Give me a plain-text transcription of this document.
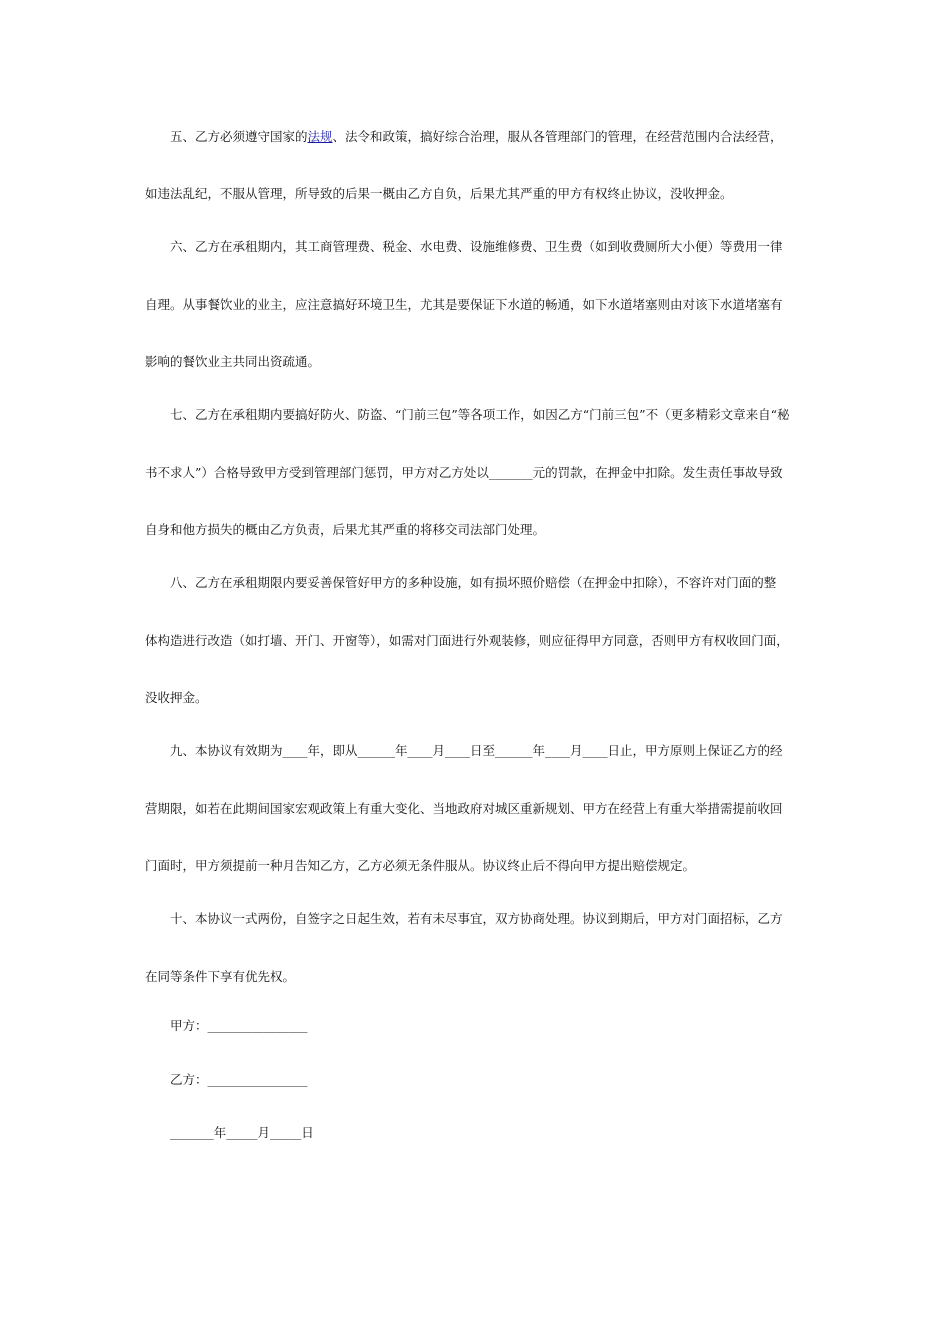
五、乙方必须遵守国家的法规、法令和政策，搞好综合治理，服从各管理部门的管理，在经营范围内合法经营，
如违法乱纪，不服从管理，所导致的后果一概由乙方自负，后果尤其严重的甲方有权终止协议，没收押金。
六、乙方在承租期内，其工商管理费、税金、水电费、设施维修费、卫生费（如到收费厕所大小便）等费用一律
自理。从事餐饮业的业主，应注意搞好环境卫生，尤其是要保证下水道的畅通，如下水道堵塞则由对该下水道堵塞有
影响的餐饮业主共同出资疏通。
七、乙方在承租期内要搞好防火、防盗、“门前三包”等各项工作，如因乙方“门前三包”不（更多精彩文章来自“秘
书不求人”）合格导致甲方受到管理部门惩罚，甲方对乙方处以_______元的罚款，在押金中扣除。发生责任事故导致
自身和他方损失的概由乙方负责，后果尤其严重的将移交司法部门处理。
八、乙方在承租期限内要妥善保管好甲方的多种设施，如有损坏照价赔偿（在押金中扣除），不容许对门面的整
体构造进行改造（如打墙、开门、开窗等），如需对门面进行外观装修，则应征得甲方同意，否则甲方有权收回门面，
没收押金。
九、本协议有效期为____年，即从______年____月____日至______年____月____日止，甲方原则上保证乙方的经
营期限，如若在此期间国家宏观政策上有重大变化、当地政府对城区重新规划、甲方在经营上有重大举措需提前收回
门面时，甲方须提前一种月告知乙方，乙方必须无条件服从。协议终止后不得向甲方提出赔偿规定。
十、本协议一式两份，自签字之日起生效，若有未尽事宜，双方协商处理。协议到期后，甲方对门面招标，乙方
在同等条件下享有优先权。
甲方：________________
乙方：________________
_______年_____月_____日
